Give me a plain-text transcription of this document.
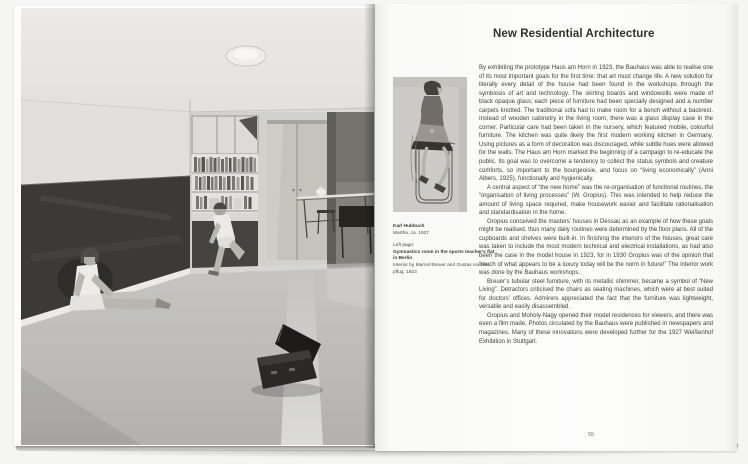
New Residential Architecture
Karl Hubbuch
Martha, ca. 1927
Left page:
Gymnastics room in the sports teacher's flat
in Berlin
Interior by Marcel Breuer and Gustav Hassen-
pflug, 1923

By exhibiting the prototype Haus am Horn in 1923, the Bauhaus was able to realise one of its most important goals for the first time: that art must change life. A new solution for literally every detail of the house had been found in the workshops through the symbiosis of art and technology. The skirting boards and windowsills were made of black opaque glass; each piece of furniture had been specially designed and a number carpets knotted. The traditional sofa had to make room for a bench without a backrest. Instead of wooden cabinetry in the living room, there was a glass display case in the corner. Particular care had been taken in the nursery, which featured mobile, colourful furniture. The kitchen was quite likely the first modern working kitchen in Germany. Using pictures as a form of decoration was discouraged, while subtle hues were allowed for the walls. The Haus am Horn marked the beginning of a campaign to re-educate the public. Its goal was to overcome a tendency to collect the status symbols and creature comforts, so important to the bourgeoisie, and focus on “living economically” (Anni Albers, 1925), functionally and hygienically.

A central aspect of “the new home” was the re-organisation of functional routines, the “organisation of living processes” (W. Gropius). This was intended to help reduce the amount of living space required, make housework easier and facilitate rationalisation and standardisation in the home.

Gropius conceived the masters’ houses in Dessau as an example of how these goals might be realised, thus many daily routines were determined by the floor plans. All of the cupboards and shelves were built-in. In finishing the interiors of the houses, great care was taken to include the most modern technical and electrical installations, as had also been the case in the model house in 1923, for in 1930 Gropius was of the opinion that “much of what appears to be a luxury today will be the norm in future!” The interior work was done by the Bauhaus workshops.

Breuer’s tubular steel furniture, with its metallic shimmer, became a symbol of “New Living”. Detractors criticised the chairs as seating machines, which were at best suited for doctors’ offices. Admirers appreciated the fact that the furniture was lightweight, versatile and easily disassembled.

Gropius and Moholy-Nagy opened their model residences for viewers, and there was even a film made. Photos circulated by the Bauhaus were published in newspapers and magazines. Many of these innovations were developed further for the 1927 Weißenhof Exhibition in Stuttgart.

55
